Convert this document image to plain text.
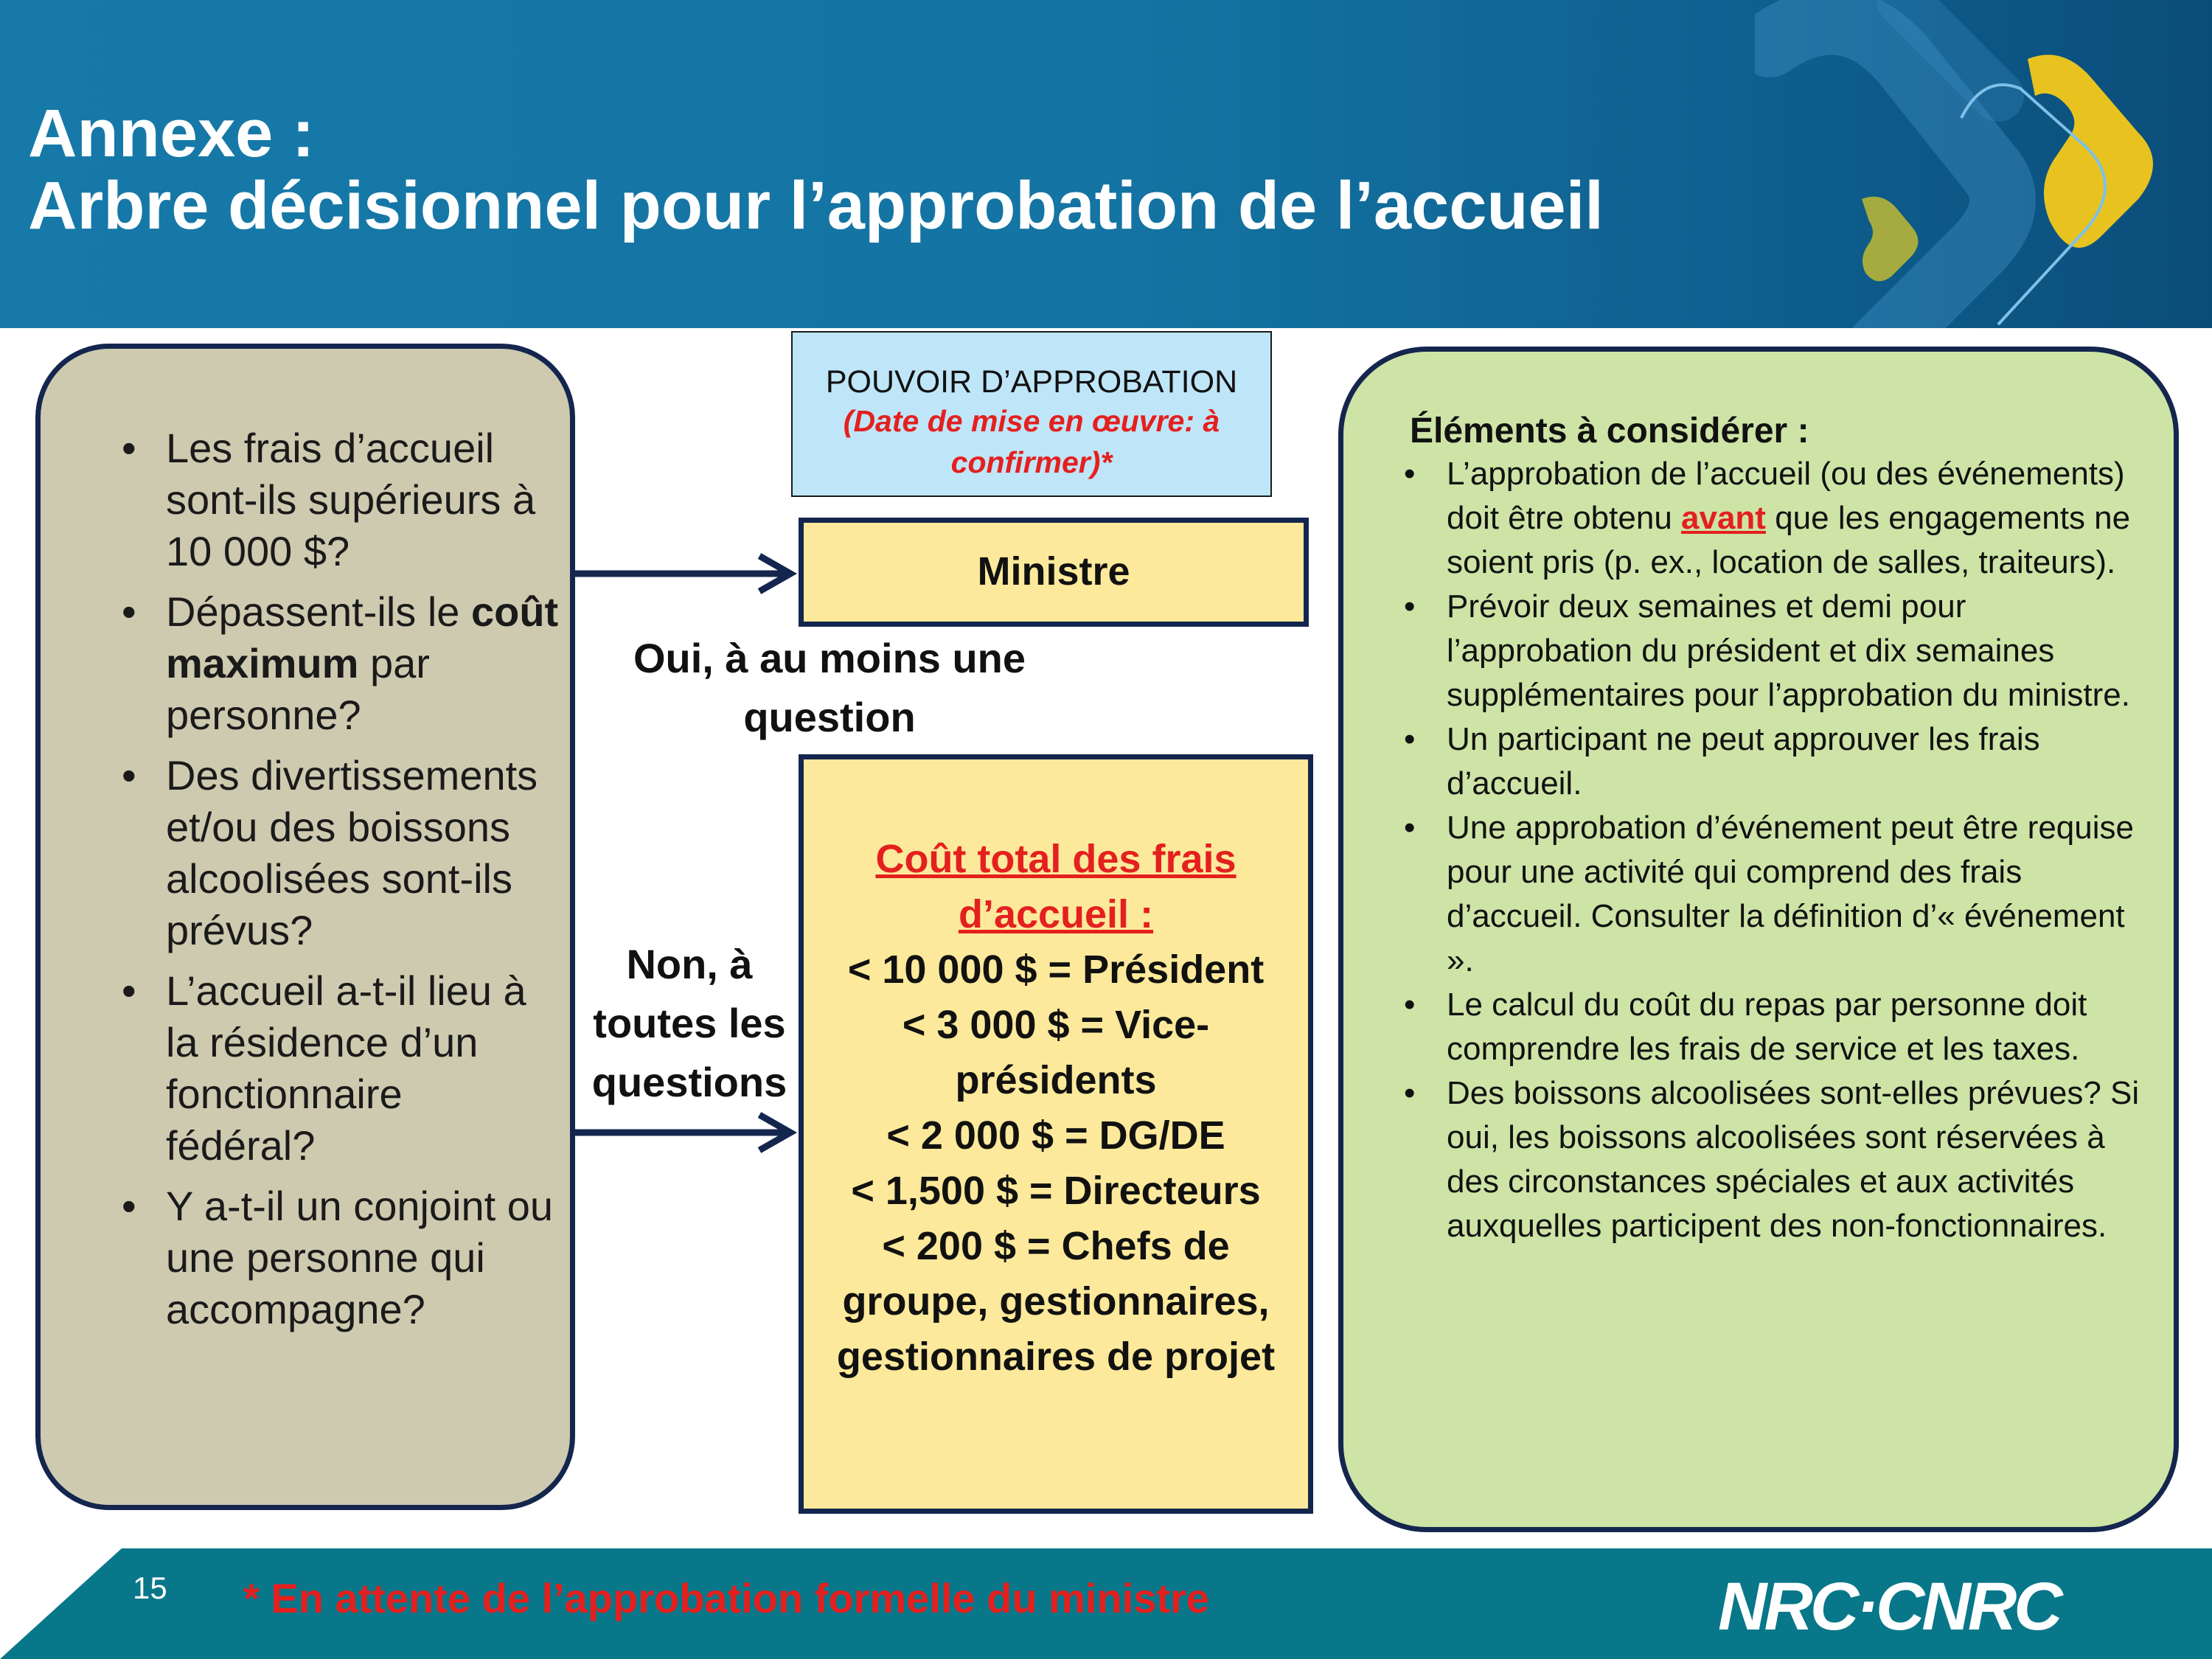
Annexe :
Arbre décisionnel pour l’approbation de l’accueil
• Les frais d’accueil sont-ils supérieurs à 10 000 $?
• Dépassent-ils le coût maximum par personne?
• Des divertissements et/ou des boissons alcoolisées sont-ils prévus?
• L’accueil a-t-il lieu à la résidence d’un fonctionnaire fédéral?
• Y a-t-il un conjoint ou une personne qui accompagne?
POUVOIR D’APPROBATION
(Date de mise en œuvre: à confirmer)*
Ministre
Oui, à au moins une question
Non, à toutes les questions
Coût total des frais d’accueil :
< 10 000 $ = Président
< 3 000 $ = Vice-présidents
< 2 000 $ = DG/DE
< 1,500 $ = Directeurs
< 200 $ = Chefs de groupe, gestionnaires, gestionnaires de projet
Éléments à considérer :
• L’approbation de l’accueil (ou des événements) doit être obtenu avant que les engagements ne soient pris (p. ex., location de salles, traiteurs).
• Prévoir deux semaines et demi pour l’approbation du président et dix semaines supplémentaires pour l’approbation du ministre.
• Un participant ne peut approuver les frais d’accueil.
• Une approbation d’événement peut être requise pour une activité qui comprend des frais d’accueil. Consulter la définition d’« événement ».
• Le calcul du coût du repas par personne doit comprendre les frais de service et les taxes.
• Des boissons alcoolisées sont-elles prévues? Si oui, les boissons alcoolisées sont réservées à des circonstances spéciales et aux activités auxquelles participent des non-fonctionnaires.
15 * En attente de l’approbation formelle du ministre	NRC·CNRC
